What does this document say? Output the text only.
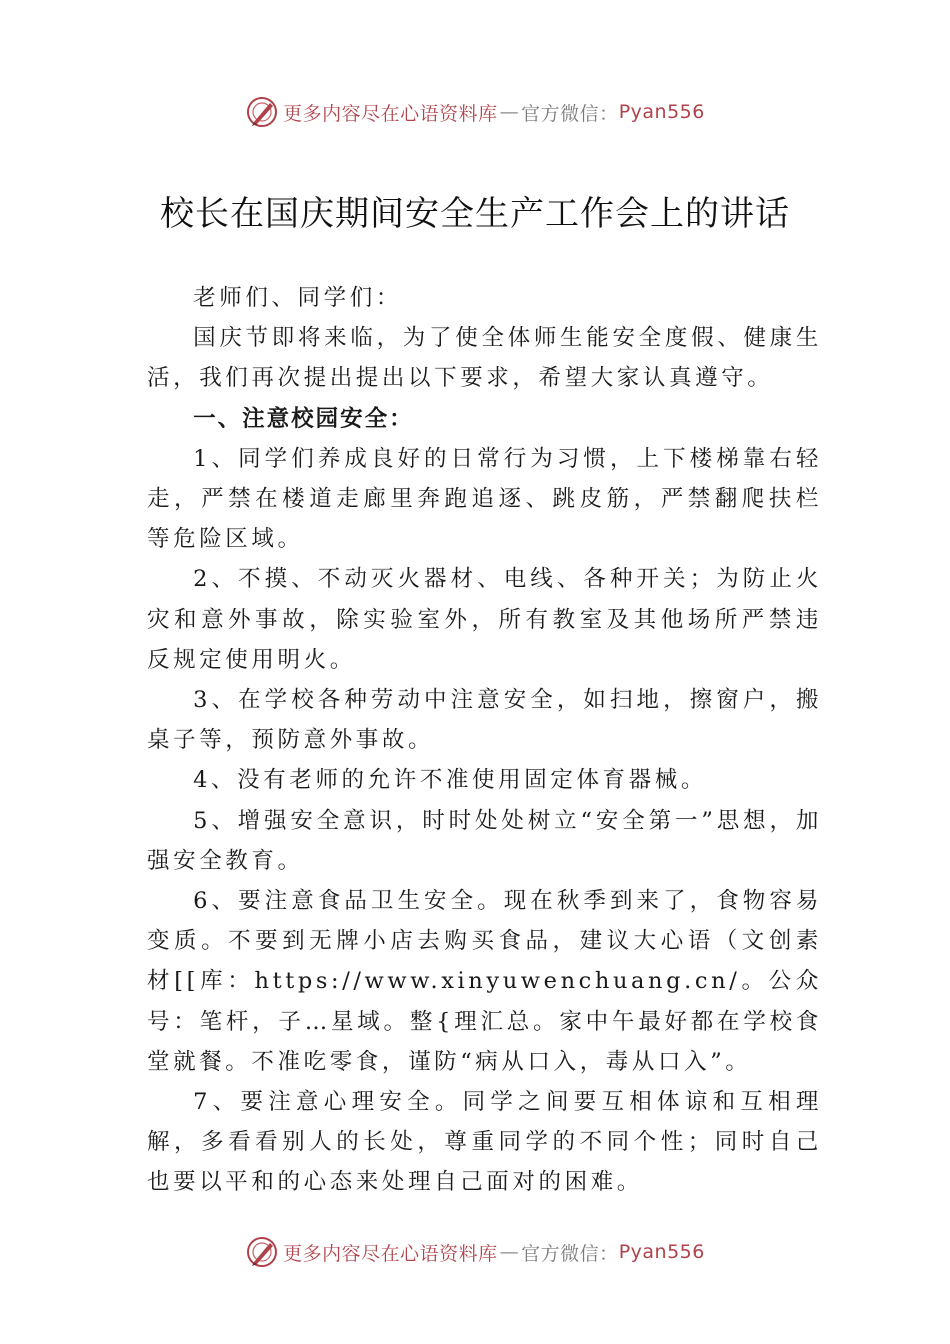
更多内容尽在心语资料库 — 官方微信： Pyan556
校长在国庆期间安全生产工作会上的讲话

老师们、同学们：

国庆节即将来临，为了使全体师生能安全度假、健康生活，我们再次提出提出以下要求，希望大家认真遵守。

一、注意校园安全：

1、同学们养成良好的日常行为习惯，上下楼梯靠右轻走，严禁在楼道走廊里奔跑追逐、跳皮筋，严禁翻爬扶栏等危险区域。

2、不摸、不动灭火器材、电线、各种开关；为防止火灾和意外事故，除实验室外，所有教室及其他场所严禁违反规定使用明火。

3、在学校各种劳动中注意安全，如扫地，擦窗户，搬桌子等，预防意外事故。

4、没有老师的允许不准使用固定体育器械。

5、增强安全意识，时时处处树立“安全第一”思想，加强安全教育。

6、要注意食品卫生安全。现在秋季到来了，食物容易变质。不要到无牌小店去购买食品，建议大心语（文创素材[[库：https://www.xinyuwenchuang.cn/。公众号：笔杆，子…星域。整{理汇总。家中午最好都在学校食堂就餐。不准吃零食，谨防“病从口入，毒从口入”。

7、要注意心理安全。同学之间要互相体谅和互相理解，多看看别人的长处，尊重同学的不同个性；同时自己也要以平和的心态来处理自己面对的困难。

更多内容尽在心语资料库 — 官方微信： Pyan556
